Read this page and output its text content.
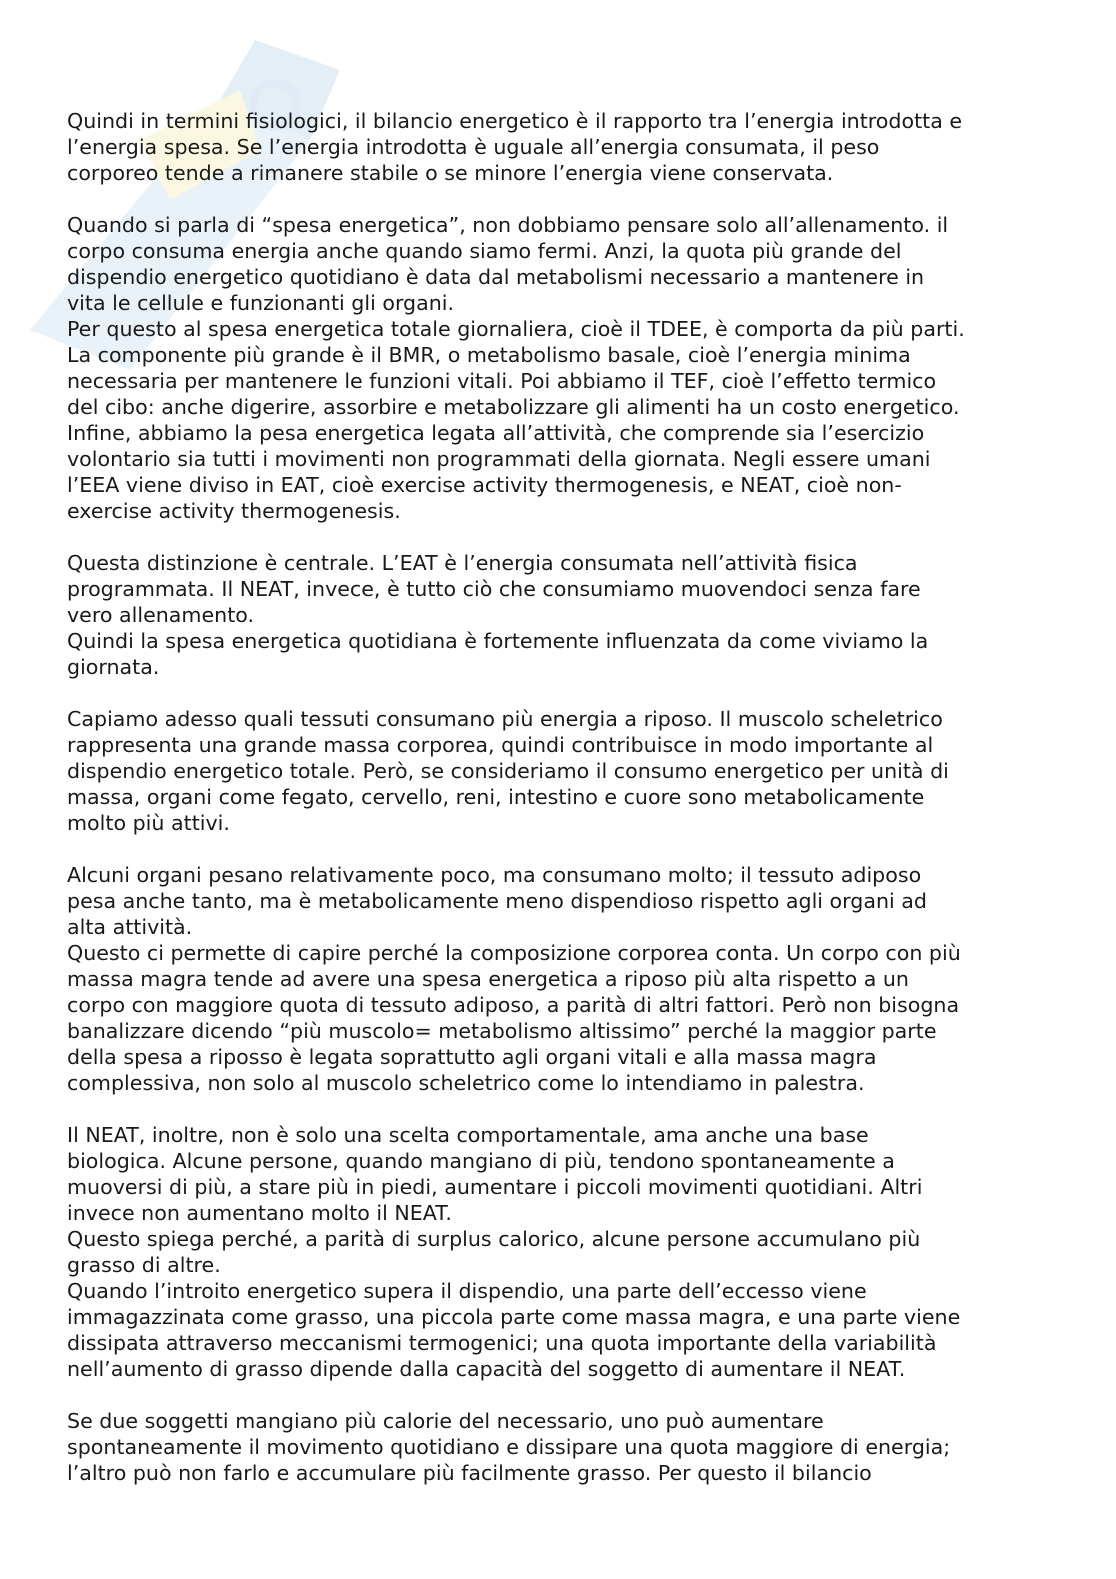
Quindi in termini fisiologici, il bilancio energetico è il rapporto tra l’energia introdotta e
l’energia spesa. Se l’energia introdotta è uguale all’energia consumata, il peso
corporeo tende a rimanere stabile o se minore l’energia viene conservata.
Quando si parla di “spesa energetica”, non dobbiamo pensare solo all’allenamento. il
corpo consuma energia anche quando siamo fermi. Anzi, la quota più grande del
dispendio energetico quotidiano è data dal metabolismi necessario a mantenere in
vita le cellule e funzionanti gli organi.
Per questo al spesa energetica totale giornaliera, cioè il TDEE, è comporta da più parti.
La componente più grande è il BMR, o metabolismo basale, cioè l’energia minima
necessaria per mantenere le funzioni vitali. Poi abbiamo il TEF, cioè l’effetto termico
del cibo: anche digerire, assorbire e metabolizzare gli alimenti ha un costo energetico.
Infine, abbiamo la pesa energetica legata all’attività, che comprende sia l’esercizio
volontario sia tutti i movimenti non programmati della giornata. Negli essere umani
l’EEA viene diviso in EAT, cioè exercise activity thermogenesis, e NEAT, cioè non-
exercise activity thermogenesis.
Questa distinzione è centrale. L’EAT è l’energia consumata nell’attività fisica
programmata. Il NEAT, invece, è tutto ciò che consumiamo muovendoci senza fare
vero allenamento.
Quindi la spesa energetica quotidiana è fortemente influenzata da come viviamo la
giornata.
Capiamo adesso quali tessuti consumano più energia a riposo. Il muscolo scheletrico
rappresenta una grande massa corporea, quindi contribuisce in modo importante al
dispendio energetico totale. Però, se consideriamo il consumo energetico per unità di
massa, organi come fegato, cervello, reni, intestino e cuore sono metabolicamente
molto più attivi.
Alcuni organi pesano relativamente poco, ma consumano molto; il tessuto adiposo
pesa anche tanto, ma è metabolicamente meno dispendioso rispetto agli organi ad
alta attività.
Questo ci permette di capire perché la composizione corporea conta. Un corpo con più
massa magra tende ad avere una spesa energetica a riposo più alta rispetto a un
corpo con maggiore quota di tessuto adiposo, a parità di altri fattori. Però non bisogna
banalizzare dicendo “più muscolo= metabolismo altissimo” perché la maggior parte
della spesa a riposso è legata soprattutto agli organi vitali e alla massa magra
complessiva, non solo al muscolo scheletrico come lo intendiamo in palestra.
Il NEAT, inoltre, non è solo una scelta comportamentale, ama anche una base
biologica. Alcune persone, quando mangiano di più, tendono spontaneamente a
muoversi di più, a stare più in piedi, aumentare i piccoli movimenti quotidiani. Altri
invece non aumentano molto il NEAT.
Questo spiega perché, a parità di surplus calorico, alcune persone accumulano più
grasso di altre.
Quando l’introito energetico supera il dispendio, una parte dell’eccesso viene
immagazzinata come grasso, una piccola parte come massa magra, e una parte viene
dissipata attraverso meccanismi termogenici; una quota importante della variabilità
nell’aumento di grasso dipende dalla capacità del soggetto di aumentare il NEAT.
Se due soggetti mangiano più calorie del necessario, uno può aumentare
spontaneamente il movimento quotidiano e dissipare una quota maggiore di energia;
l’altro può non farlo e accumulare più facilmente grasso. Per questo il bilancio
